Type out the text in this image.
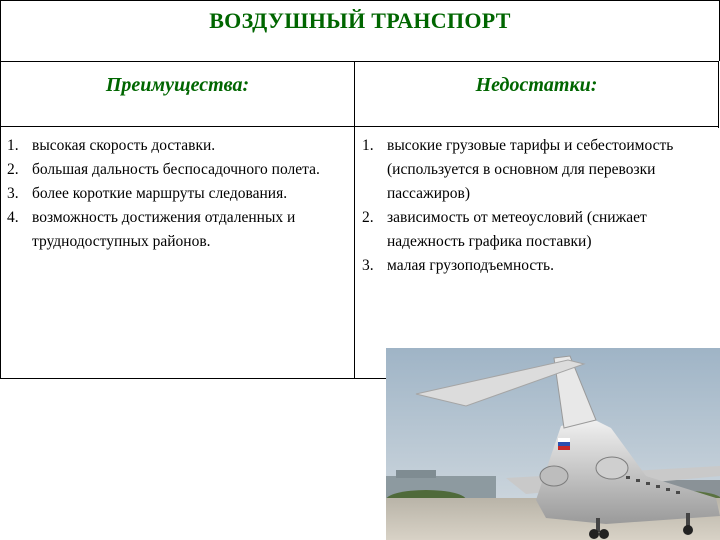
ВОЗДУШНЫЙ ТРАНСПОРТ
Преимущества:	Недостатки:
1. высокая скорость доставки.
2. большая дальность беспосадочного полета.
3. более короткие маршруты следования.
4. возможность достижения отдаленных и труднодоступных районов.
1. высокие грузовые тарифы и себестоимость (используется в основном для перевозки пассажиров)
2. зависимость от метеоусловий (снижает надежность графика поставки)
3. малая грузоподъемность.
